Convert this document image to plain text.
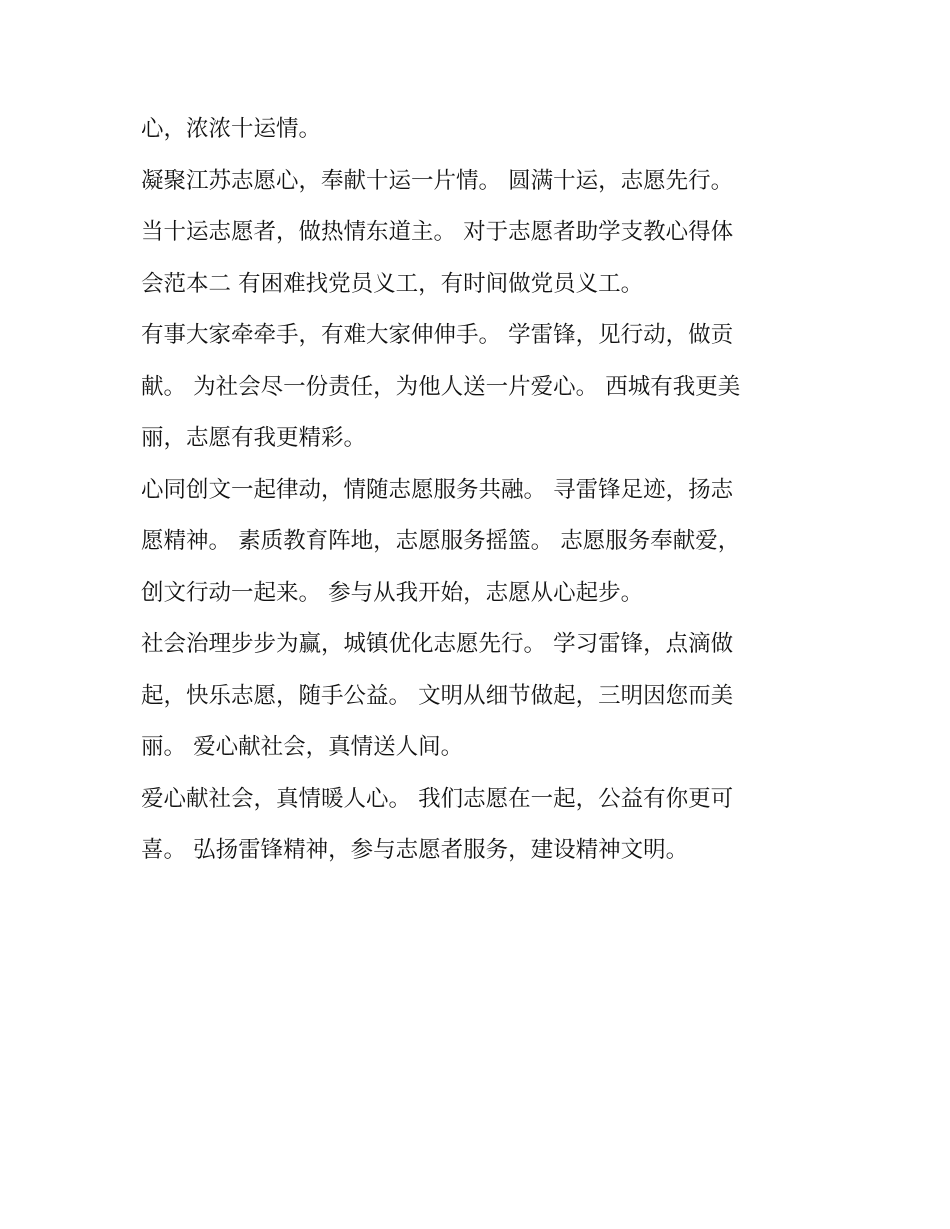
心，浓浓十运情。
凝聚江苏志愿心，奉献十运一片情。 圆满十运，志愿先行。
当十运志愿者，做热情东道主。 对于志愿者助学支教心得体
会范本二 有困难找党员义工，有时间做党员义工。
有事大家牵牵手，有难大家伸伸手。 学雷锋，见行动，做贡
献。 为社会尽一份责任，为他人送一片爱心。 西城有我更美
丽，志愿有我更精彩。
心同创文一起律动，情随志愿服务共融。 寻雷锋足迹，扬志
愿精神。 素质教育阵地，志愿服务摇篮。 志愿服务奉献爱，
创文行动一起来。 参与从我开始，志愿从心起步。
社会治理步步为赢，城镇优化志愿先行。 学习雷锋，点滴做
起，快乐志愿，随手公益。 文明从细节做起，三明因您而美
丽。 爱心献社会，真情送人间。
爱心献社会，真情暖人心。 我们志愿在一起，公益有你更可
喜。 弘扬雷锋精神，参与志愿者服务，建设精神文明。
